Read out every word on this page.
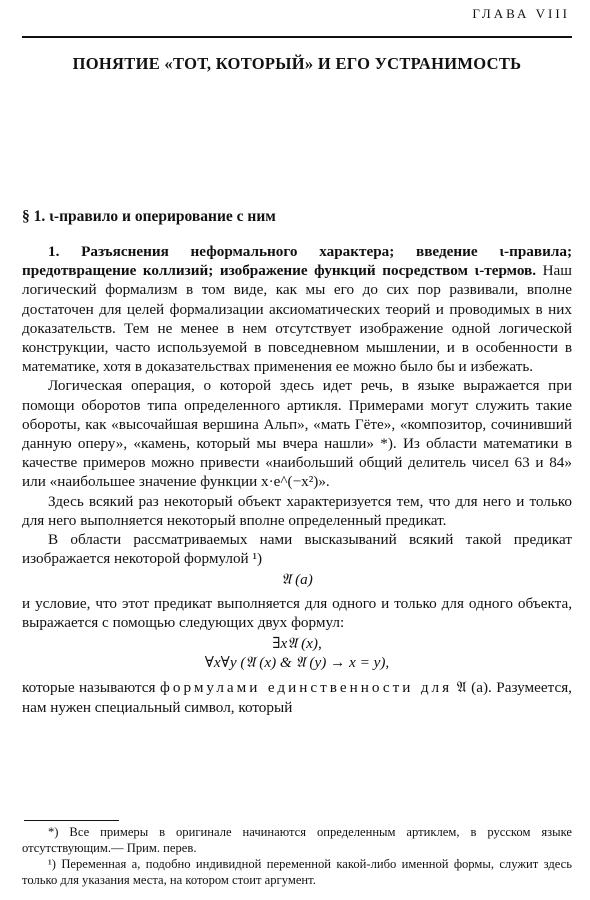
ГЛАВА VIII
ПОНЯТИЕ «ТОТ, КОТОРЫЙ» И ЕГО УСТРАНИМОСТЬ
§ 1. ι-правило и оперирование с ним

1. Разъяснения неформального характера; введение ι-правила; предотвращение коллизий; изображение функций посредством ι-термов. Наш логический формализм в том виде, как мы его до сих пор развивали, вполне достаточен для целей формализации аксиоматических теорий и проводимых в них доказательств. Тем не менее в нем отсутствует изображение одной логической конструкции, часто используемой в повседневном мышлении, и в особенности в математике, хотя в доказательствах применения ее можно было бы и избежать.

Логическая операция, о которой здесь идет речь, в языке выражается при помощи оборотов типа определенного артикля. Примерами могут служить такие обороты, как «высочайшая вершина Альп», «мать Гёте», «композитор, сочинивший данную оперу», «камень, который мы вчера нашли» *). Из области математики в качестве примеров можно привести «наибольший общий делитель чисел 63 и 84» или «наибольшее значение функции x·e^(−x²)».

Здесь всякий раз некоторый объект характеризуется тем, что для него и только для него выполняется некоторый вполне определенный предикат.

В области рассматриваемых нами высказываний всякий такой предикат изображается некоторой формулой ¹)

𝔄 (a)

и условие, что этот предикат выполняется для одного и только для одного объекта, выражается с помощью следующих двух формул:

∃x𝔄 (x),
∀x∀y (𝔄 (x) & 𝔄 (y) → x = y),

которые называются формулами единственности для 𝔄 (a). Разумеется, нам нужен специальный символ, который

*) Все примеры в оригинале начинаются определенным артиклем, в русском языке отсутствующим.— Прим. перев.

¹) Переменная a, подобно индивидной переменной какой-либо именной формы, служит здесь только для указания места, на котором стоит аргумент.
